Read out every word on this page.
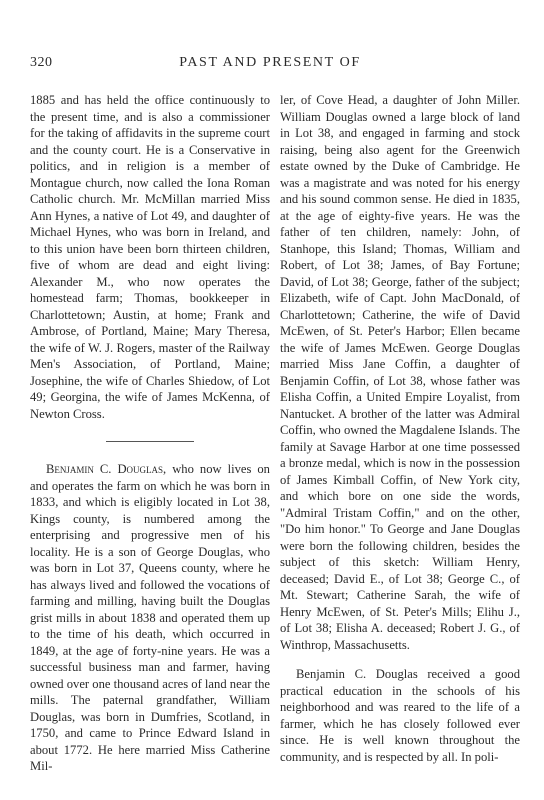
320	PAST AND PRESENT OF

1885 and has held the office continuously to the present time, and is also a commissioner for the taking of affidavits in the supreme court and the county court. He is a Conservative in politics, and in religion is a member of Montague church, now called the Iona Roman Catholic church. Mr. McMillan married Miss Ann Hynes, a native of Lot 49, and daughter of Michael Hynes, who was born in Ireland, and to this union have been born thirteen children, five of whom are dead and eight living: Alexander M., who now operates the homestead farm; Thomas, bookkeeper in Charlottetown; Austin, at home; Frank and Ambrose, of Portland, Maine; Mary Theresa, the wife of W. J. Rogers, master of the Railway Men's Association, of Portland, Maine; Josephine, the wife of Charles Shiedow, of Lot 49; Georgina, the wife of James McKenna, of Newton Cross.

Benjamin C. Douglas, who now lives on and operates the farm on which he was born in 1833, and which is eligibly located in Lot 38, Kings county, is numbered among the enterprising and progressive men of his locality. He is a son of George Douglas, who was born in Lot 37, Queens county, where he has always lived and followed the vocations of farming and milling, having built the Douglas grist mills in about 1838 and operated them up to the time of his death, which occurred in 1849, at the age of forty-nine years. He was a successful business man and farmer, having owned over one thousand acres of land near the mills. The paternal grandfather, William Douglas, was born in Dumfries, Scotland, in 1750, and came to Prince Edward Island in about 1772. He here married Miss Catherine Mil-

ler, of Cove Head, a daughter of John Miller. William Douglas owned a large block of land in Lot 38, and engaged in farming and stock raising, being also agent for the Greenwich estate owned by the Duke of Cambridge. He was a magistrate and was noted for his energy and his sound common sense. He died in 1835, at the age of eighty-five years. He was the father of ten children, namely: John, of Stanhope, this Island; Thomas, William and Robert, of Lot 38; James, of Bay Fortune; David, of Lot 38; George, father of the subject; Elizabeth, wife of Capt. John MacDonald, of Charlottetown; Catherine, the wife of David McEwen, of St. Peter's Harbor; Ellen became the wife of James McEwen. George Douglas married Miss Jane Coffin, a daughter of Benjamin Coffin, of Lot 38, whose father was Elisha Coffin, a United Empire Loyalist, from Nantucket. A brother of the latter was Admiral Coffin, who owned the Magdalene Islands. The family at Savage Harbor at one time possessed a bronze medal, which is now in the possession of James Kimball Coffin, of New York city, and which bore on one side the words, "Admiral Tristam Coffin," and on the other, "Do him honor." To George and Jane Douglas were born the following children, besides the subject of this sketch: William Henry, deceased; David E., of Lot 38; George C., of Mt. Stewart; Catherine Sarah, the wife of Henry McEwen, of St. Peter's Mills; Elihu J., of Lot 38; Elisha A. deceased; Robert J. G., of Winthrop, Massachusetts.

Benjamin C. Douglas received a good practical education in the schools of his neighborhood and was reared to the life of a farmer, which he has closely followed ever since. He is well known throughout the community, and is respected by all. In poli-
